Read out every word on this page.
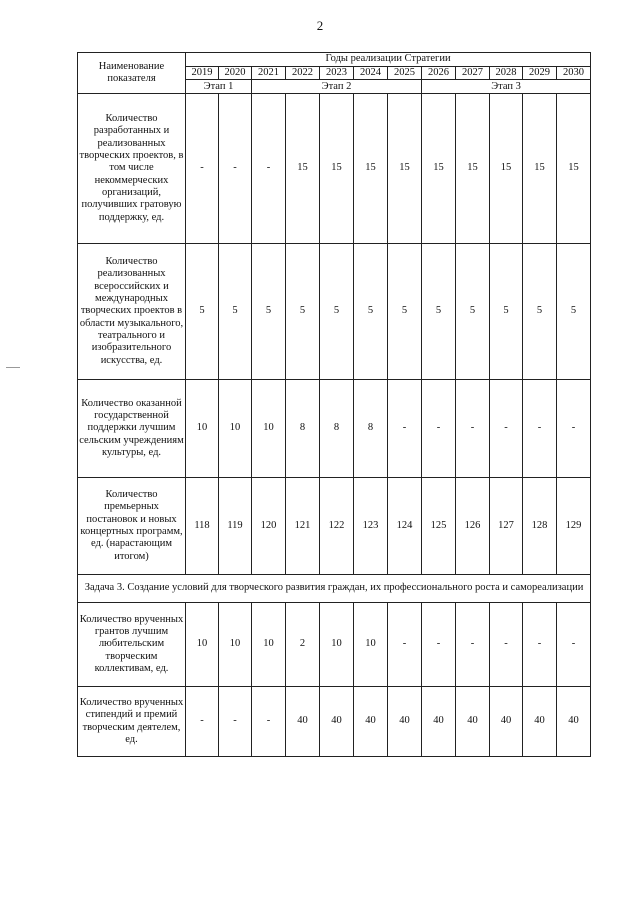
2
Наименование показателя	Годы реализации Стратегии											
	2019	2020	2021	2022	2023	2024	2025	2026	2027	2028	2029	2030
	Этап 1		Этап 2					Этап 3				
Количество разработанных и реализованных творческих проектов, в том числе некоммерческих организаций, получивших гратовую поддержку, ед.	-	-	-	15	15	15	15	15	15	15	15	15
Количество реализованных всероссийских и международных творческих проектов в области музыкального, театрального и изобразительного искусства, ед.	5	5	5	5	5	5	5	5	5	5	5	5
Количество оказанной государственной поддержки лучшим сельским учреждениям культуры, ед.	10	10	10	8	8	8	-	-	-	-	-	-
Количество премьерных постановок и новых концертных программ, ед. (нарастающим итогом)	118	119	120	121	122	123	124	125	126	127	128	129
Задача 3. Создание условий для творческого развития граждан, их профессионального роста и самореализации												
Количество врученных грантов лучшим любительским творческим коллективам, ед.	10	10	10	2	10	10	-	-	-	-	-	-
Количество врученных стипендий и премий творческим деятелем, ед.	-	-	-	40	40	40	40	40	40	40	40	40
